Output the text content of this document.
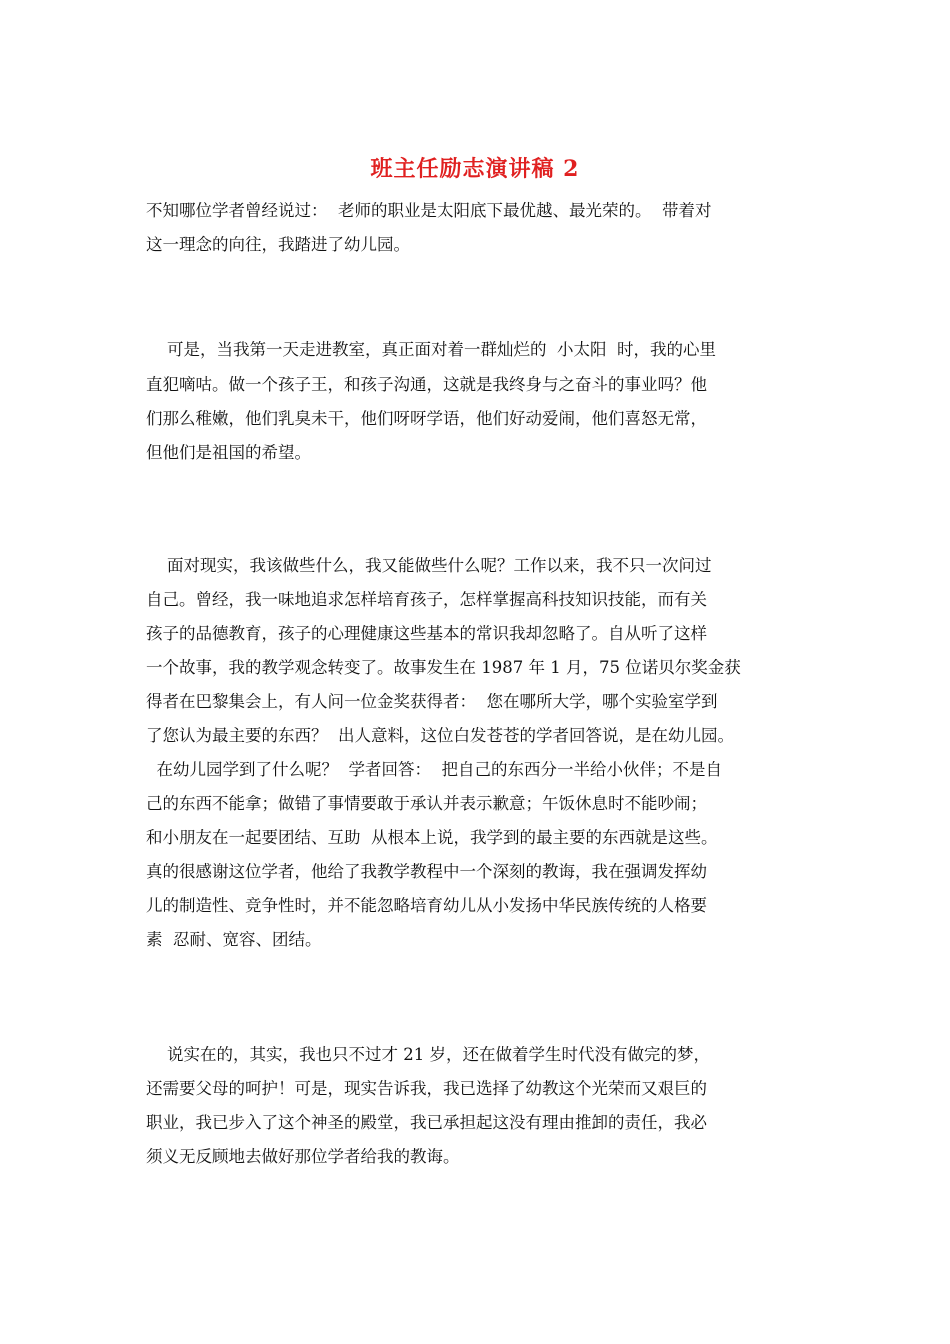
班主任励志演讲稿 2
不知哪位学者曾经说过：  老师的职业是太阳底下最优越、最光荣的。  带着对
这一理念的向往，我踏进了幼儿园。
可是，当我第一天走进教室，真正面对着一群灿烂的  小太阳  时，我的心里
直犯嘀咕。做一个孩子王，和孩子沟通，这就是我终身与之奋斗的事业吗？他
们那么稚嫩，他们乳臭未干，他们呀呀学语，他们好动爱闹，他们喜怒无常，
但他们是祖国的希望。
面对现实，我该做些什么，我又能做些什么呢？工作以来，我不只一次问过
自己。曾经，我一味地追求怎样培育孩子，怎样掌握高科技知识技能，而有关
孩子的品德教育，孩子的心理健康这些基本的常识我却忽略了。自从听了这样
一个故事，我的教学观念转变了。故事发生在 1987 年 1 月，75 位诺贝尔奖金获
得者在巴黎集会上，有人问一位金奖获得者：  您在哪所大学，哪个实验室学到
了您认为最主要的东西？  出人意料，这位白发苍苍的学者回答说，是在幼儿园。
在幼儿园学到了什么呢？  学者回答：  把自己的东西分一半给小伙伴；不是自
己的东西不能拿；做错了事情要敢于承认并表示歉意；午饭休息时不能吵闹；
和小朋友在一起要团结、互助  从根本上说，我学到的最主要的东西就是这些。
真的很感谢这位学者，他给了我教学教程中一个深刻的教诲，我在强调发挥幼
儿的制造性、竞争性时，并不能忽略培育幼儿从小发扬中华民族传统的人格要
素  忍耐、宽容、团结。
说实在的，其实，我也只不过才 21 岁，还在做着学生时代没有做完的梦，
还需要父母的呵护！可是，现实告诉我，我已选择了幼教这个光荣而又艰巨的
职业，我已步入了这个神圣的殿堂，我已承担起这没有理由推卸的责任，我必
须义无反顾地去做好那位学者给我的教诲。
